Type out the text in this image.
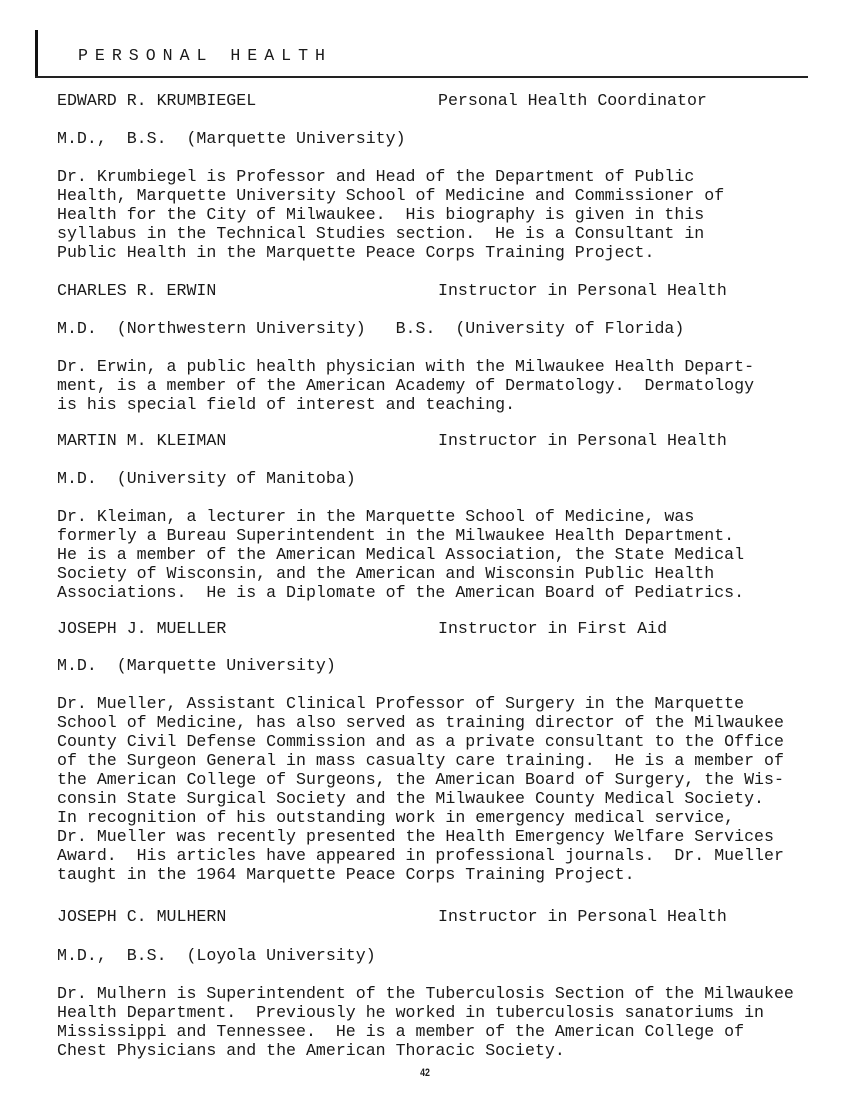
PERSONAL HEALTH
EDWARD R. KRUMBIEGEL	Personal Health Coordinator
M.D.,  B.S.  (Marquette University)
Dr. Krumbiegel is Professor and Head of the Department of Public
Health, Marquette University School of Medicine and Commissioner of
Health for the City of Milwaukee.  His biography is given in this
syllabus in the Technical Studies section.  He is a Consultant in
Public Health in the Marquette Peace Corps Training Project.
CHARLES R. ERWIN	Instructor in Personal Health
M.D.  (Northwestern University)   B.S.  (University of Florida)
Dr. Erwin, a public health physician with the Milwaukee Health Depart-
ment, is a member of the American Academy of Dermatology.  Dermatology
is his special field of interest and teaching.
MARTIN M. KLEIMAN	Instructor in Personal Health
M.D.  (University of Manitoba)
Dr. Kleiman, a lecturer in the Marquette School of Medicine, was
formerly a Bureau Superintendent in the Milwaukee Health Department.
He is a member of the American Medical Association, the State Medical
Society of Wisconsin, and the American and Wisconsin Public Health
Associations.  He is a Diplomate of the American Board of Pediatrics.
JOSEPH J. MUELLER	Instructor in First Aid
M.D.  (Marquette University)
Dr. Mueller, Assistant Clinical Professor of Surgery in the Marquette
School of Medicine, has also served as training director of the Milwaukee
County Civil Defense Commission and as a private consultant to the Office
of the Surgeon General in mass casualty care training.  He is a member of
the American College of Surgeons, the American Board of Surgery, the Wis-
consin State Surgical Society and the Milwaukee County Medical Society.
In recognition of his outstanding work in emergency medical service,
Dr. Mueller was recently presented the Health Emergency Welfare Services
Award.  His articles have appeared in professional journals.  Dr. Mueller
taught in the 1964 Marquette Peace Corps Training Project.
JOSEPH C. MULHERN	Instructor in Personal Health
M.D.,  B.S.  (Loyola University)
Dr. Mulhern is Superintendent of the Tuberculosis Section of the Milwaukee
Health Department.  Previously he worked in tuberculosis sanatoriums in
Mississippi and Tennessee.  He is a member of the American College of
Chest Physicians and the American Thoracic Society.
42
